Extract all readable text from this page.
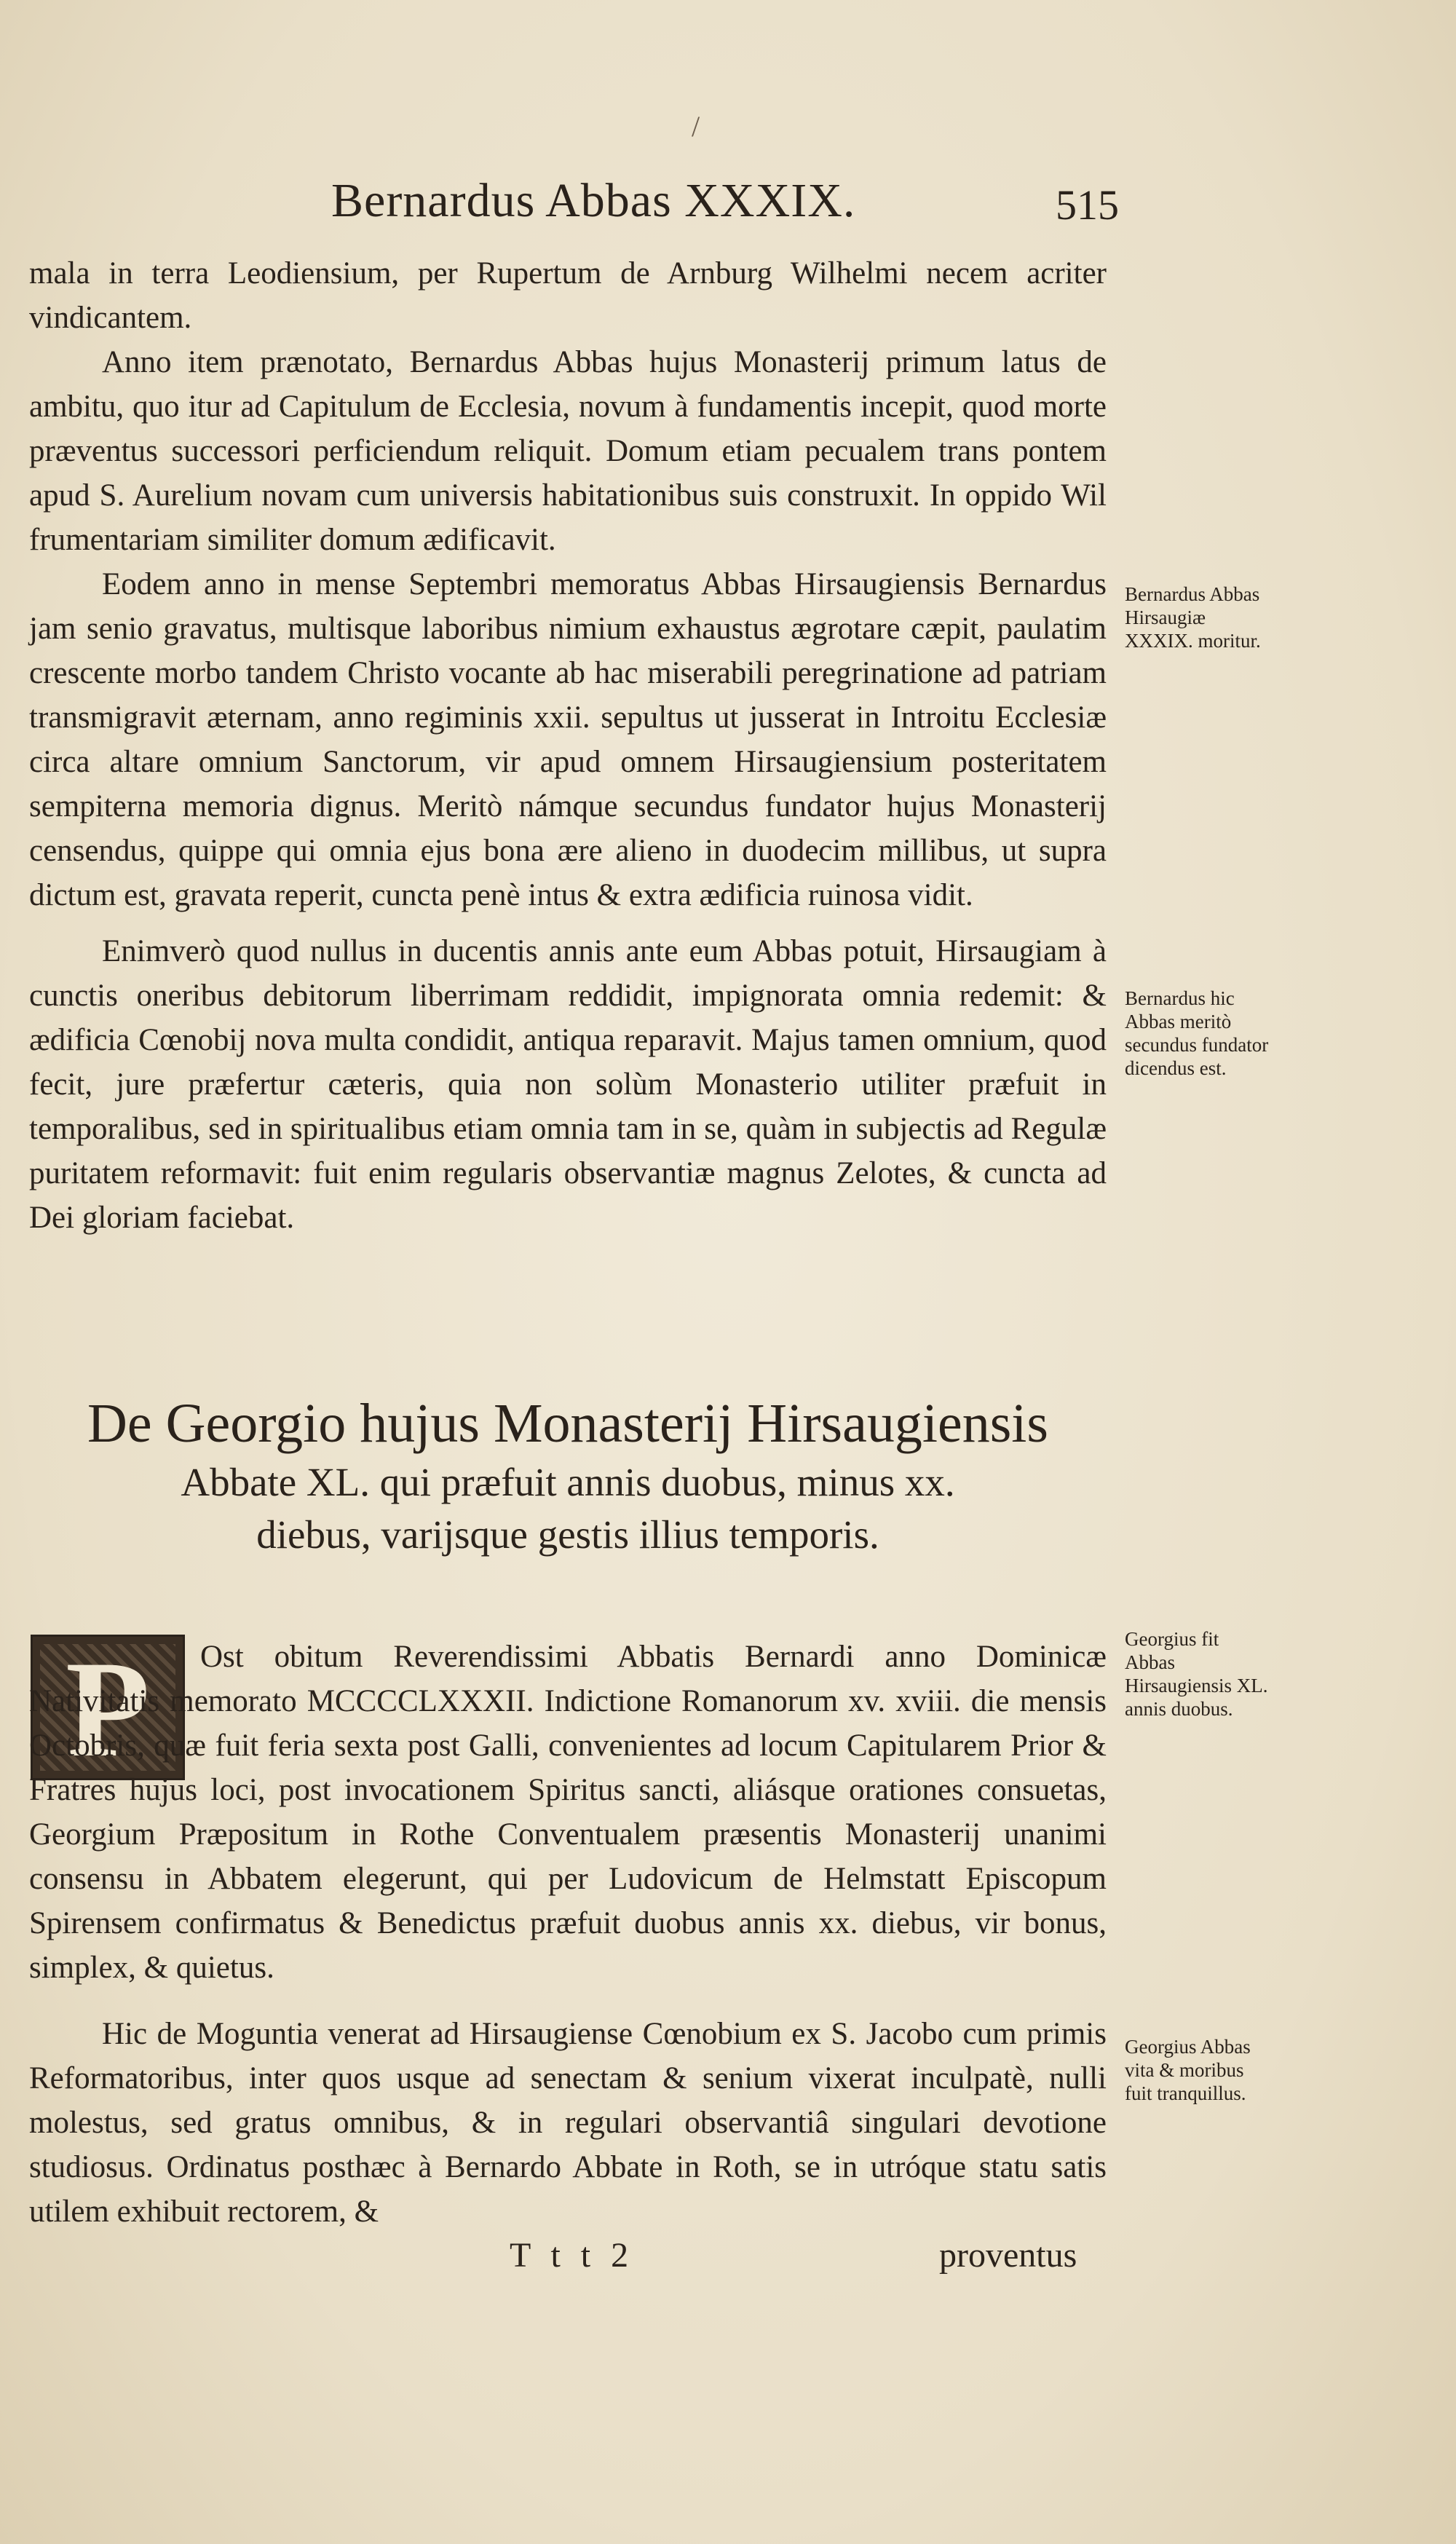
/
Bernardus Abbas XXXIX.	515

mala in terra Leodiensium, per Rupertum de Arnburg Wilhelmi necem acriter vindicantem.

Anno item prænotato, Bernardus Abbas hujus Monasterij primum latus de ambitu, quo itur ad Capitulum de Ecclesia, novum à fundamentis incepit, quod morte præventus successori perficiendum reliquit. Domum etiam pecualem trans pontem apud S. Aurelium novam cum universis habitationibus suis construxit. In oppido Wil frumentariam similiter domum ædificavit.

Eodem anno in mense Septembri memoratus Abbas Hirsaugiensis Bernardus jam senio gravatus, multisque laboribus nimium exhaustus ægrotare cæpit, paulatim crescente morbo tandem Christo vocante ab hac miserabili peregrinatione ad patriam transmigravit æternam, anno regiminis xxii. sepultus ut jusserat in Introitu Ecclesiæ circa altare omnium Sanctorum, vir apud omnem Hirsaugiensium posteritatem sempiterna memoria dignus. Meritò námque secundus fundator hujus Monasterij censendus, quippe qui omnia ejus bona ære alieno in duodecim millibus, ut supra dictum est, gravata reperit, cuncta penè intus & extra ædificia ruinosa vidit.

Enimverò quod nullus in ducentis annis ante eum Abbas potuit, Hirsaugiam à cunctis oneribus debitorum liberrimam reddidit, impignorata omnia redemit: & ædificia Cœnobij nova multa condidit, antiqua reparavit. Majus tamen omnium, quod fecit, jure præfertur cæteris, quia non solùm Monasterio utiliter præfuit in temporalibus, sed in spiritualibus etiam omnia tam in se, quàm in subjectis ad Regulæ puritatem reformavit: fuit enim regularis observantiæ magnus Zelotes, & cuncta ad Dei gloriam faciebat.

Bernardus Abbas Hirsaugiæ XXXIX. moritur.
Bernardus hic Abbas meritò secundus fundator dicendus est.
De Georgio hujus Monasterij Hirsaugiensis
Abbate XL. qui præfuit annis duobus, minus xx.
diebus, varijsque gestis illius temporis.
P	Ost obitum Reverendissimi Abbatis Bernardi anno Dominicæ Nativitatis memorato MCCCCLXXXII. Indictione Romanorum xv. xviii. die mensis Octobris, quæ fuit feria sexta post Galli, convenientes ad locum Capitularem Prior & Fratres hujus loci, post invocationem Spiritus sancti, aliásque orationes consuetas, Georgium Præpositum in Rothe Conventualem præsentis Monasterij unanimi consensu in Abbatem elegerunt, qui per Ludovicum de Helmstatt Episcopum Spirensem confirmatus & Benedictus præfuit duobus annis xx. diebus, vir bonus, simplex, & quietus.

Hic de Moguntia venerat ad Hirsaugiense Cœnobium ex S. Jacobo cum primis Reformatoribus, inter quos usque ad senectam & senium vixerat inculpatè, nulli molestus, sed gratus omnibus, & in regulari observantiâ singulari devotione studiosus. Ordinatus posthæc à Bernardo Abbate in Roth, se in utróque statu satis utilem exhibuit rectorem, &

Georgius fit Abbas Hirsaugiensis XL. annis duobus.
Georgius Abbas vita & moribus fuit tranquillus.
T t t 2	proventus
